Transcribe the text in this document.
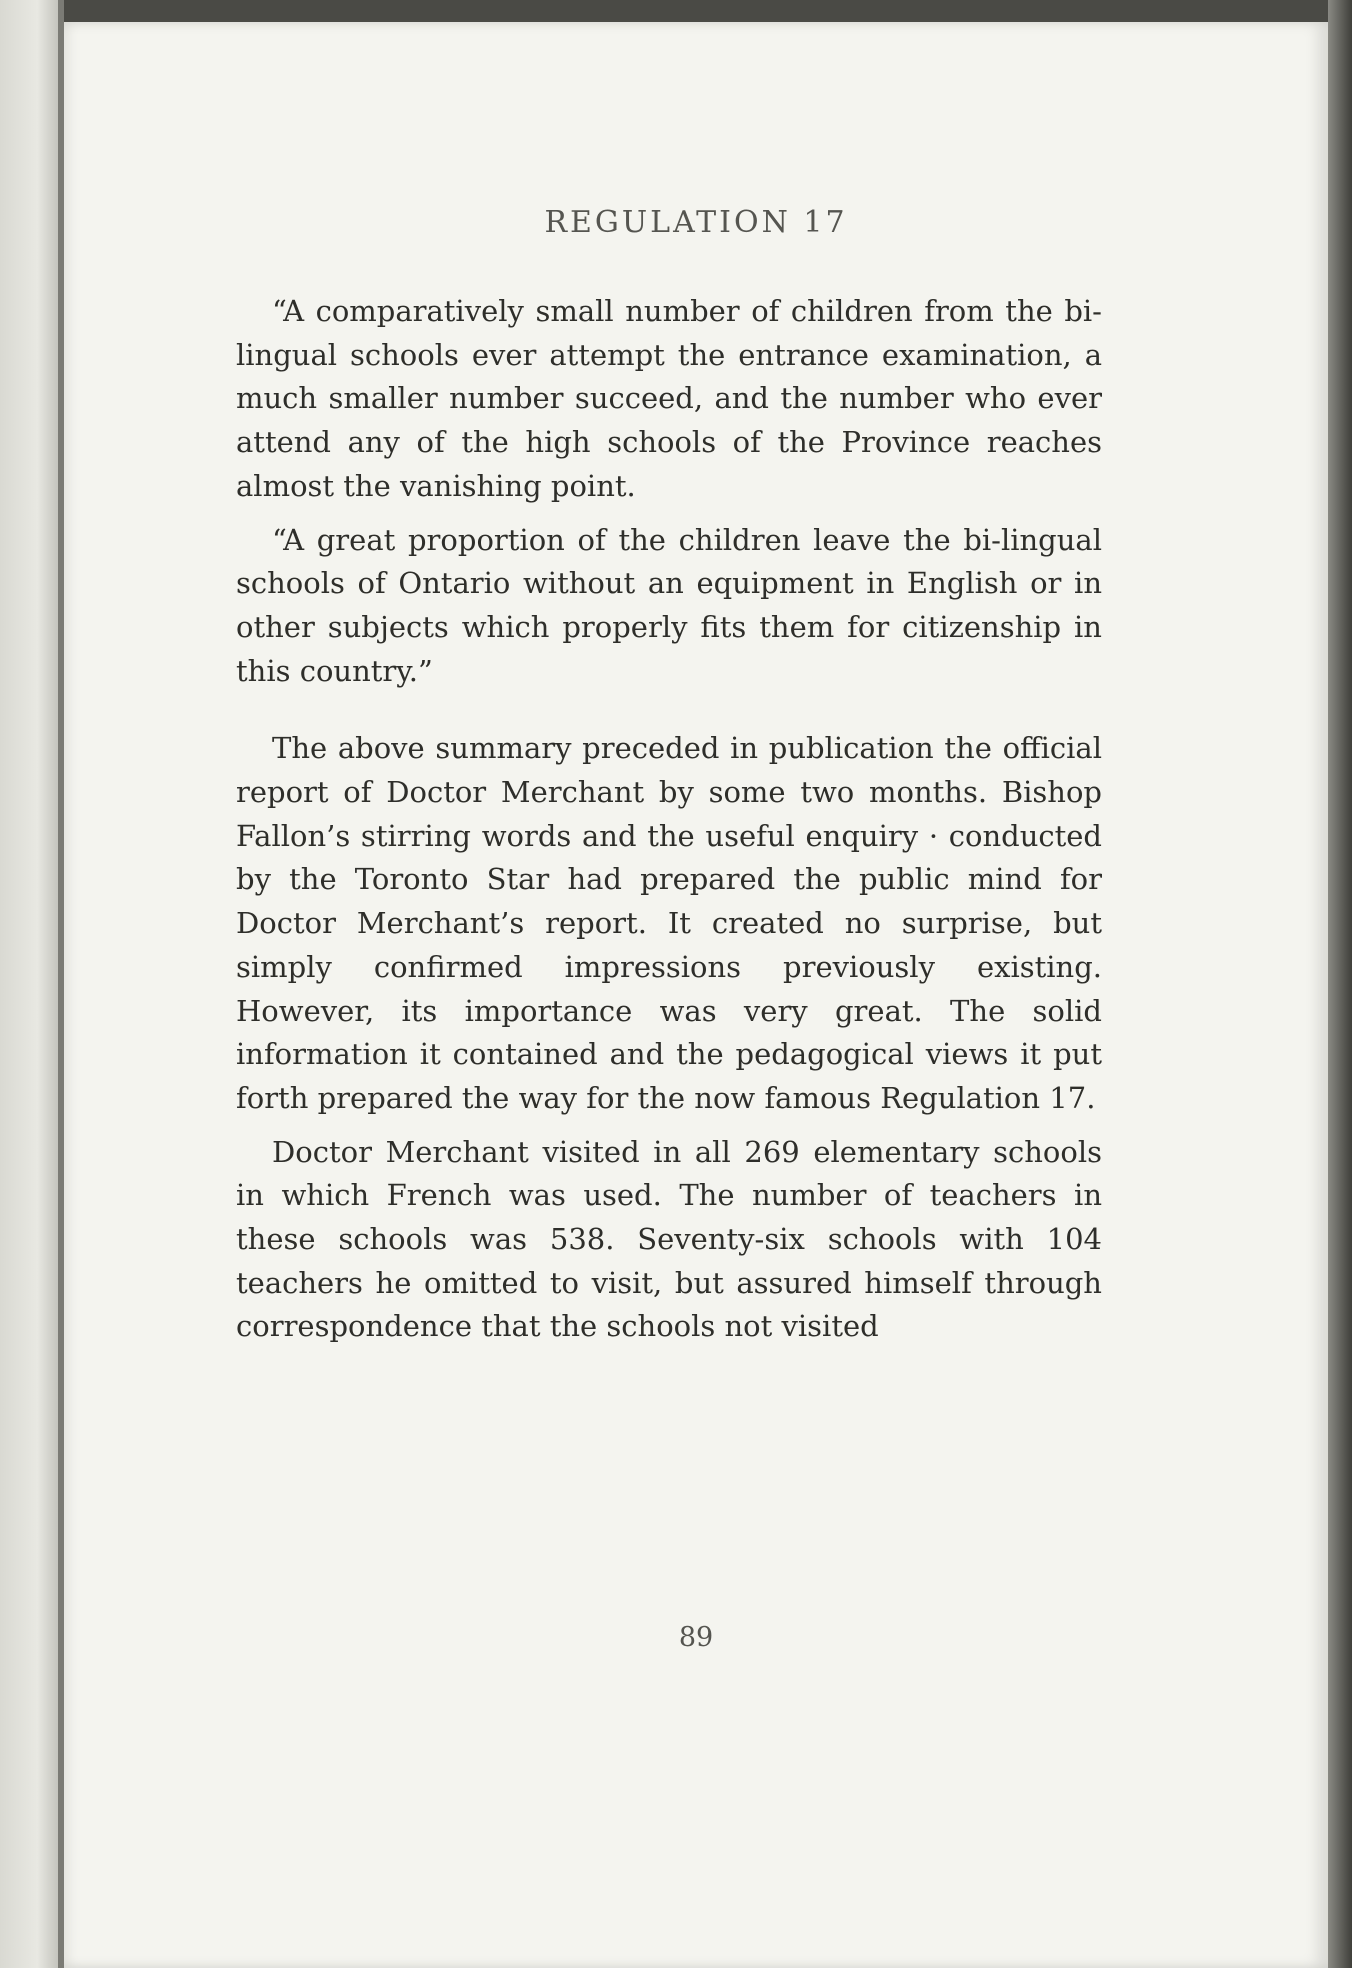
REGULATION 17

“A comparatively small number of children from the bi-lingual schools ever attempt the entrance examination, a much smaller number succeed, and the number who ever attend any of the high schools of the Province reaches almost the vanishing point.

“A great proportion of the children leave the bi-lingual schools of Ontario without an equipment in English or in other subjects which properly fits them for citizenship in this country.”

The above summary preceded in publication the official report of Doctor Merchant by some two months. Bishop Fallon’s stirring words and the useful enquiry · conducted by the Toronto Star had prepared the public mind for Doctor Merchant’s report. It created no surprise, but simply confirmed impressions previously existing. However, its importance was very great. The solid information it contained and the pedagogical views it put forth prepared the way for the now famous Regulation 17.

Doctor Merchant visited in all 269 elementary schools in which French was used. The number of teachers in these schools was 538. Seventy-six schools with 104 teachers he omitted to visit, but assured himself through correspondence that the schools not visited

89
